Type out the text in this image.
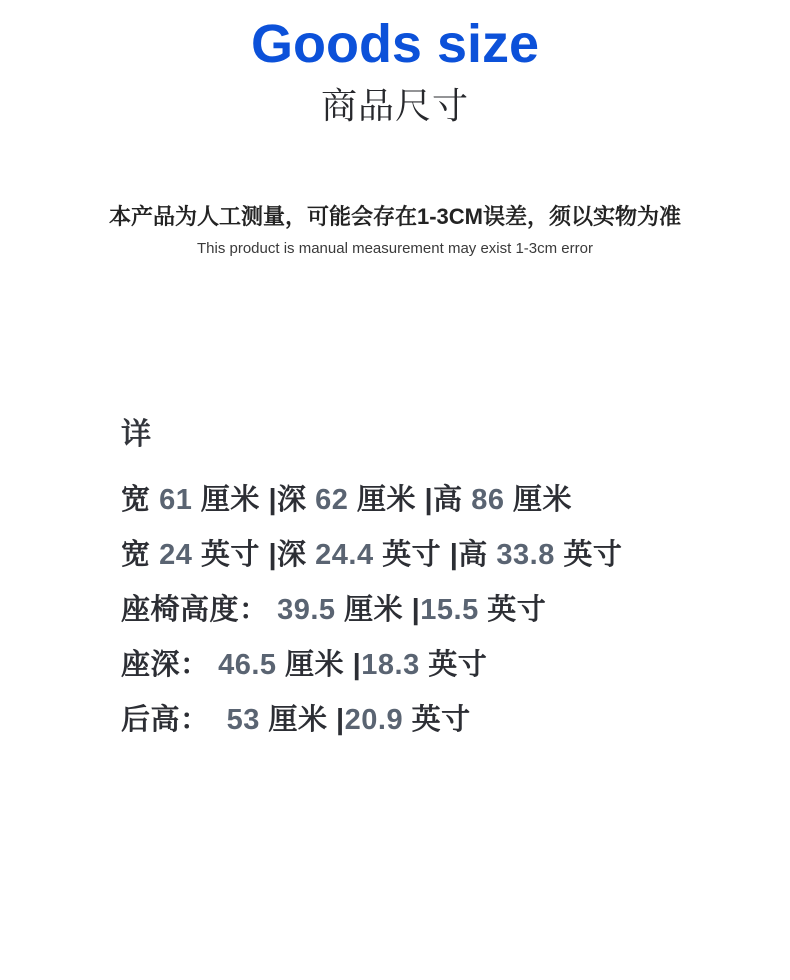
Goods size
商品尺寸
本产品为人工测量，可能会存在1-3CM误差，须以实物为准
This product is manual measurement may exist 1-3cm error
详
宽 61 厘米 |深 62 厘米 |高 86 厘米
宽 24 英寸 |深 24.4 英寸 |高 33.8 英寸
座椅高度： 39.5 厘米 |15.5 英寸
座深： 46.5 厘米 |18.3 英寸
后高：  53 厘米 |20.9 英寸
